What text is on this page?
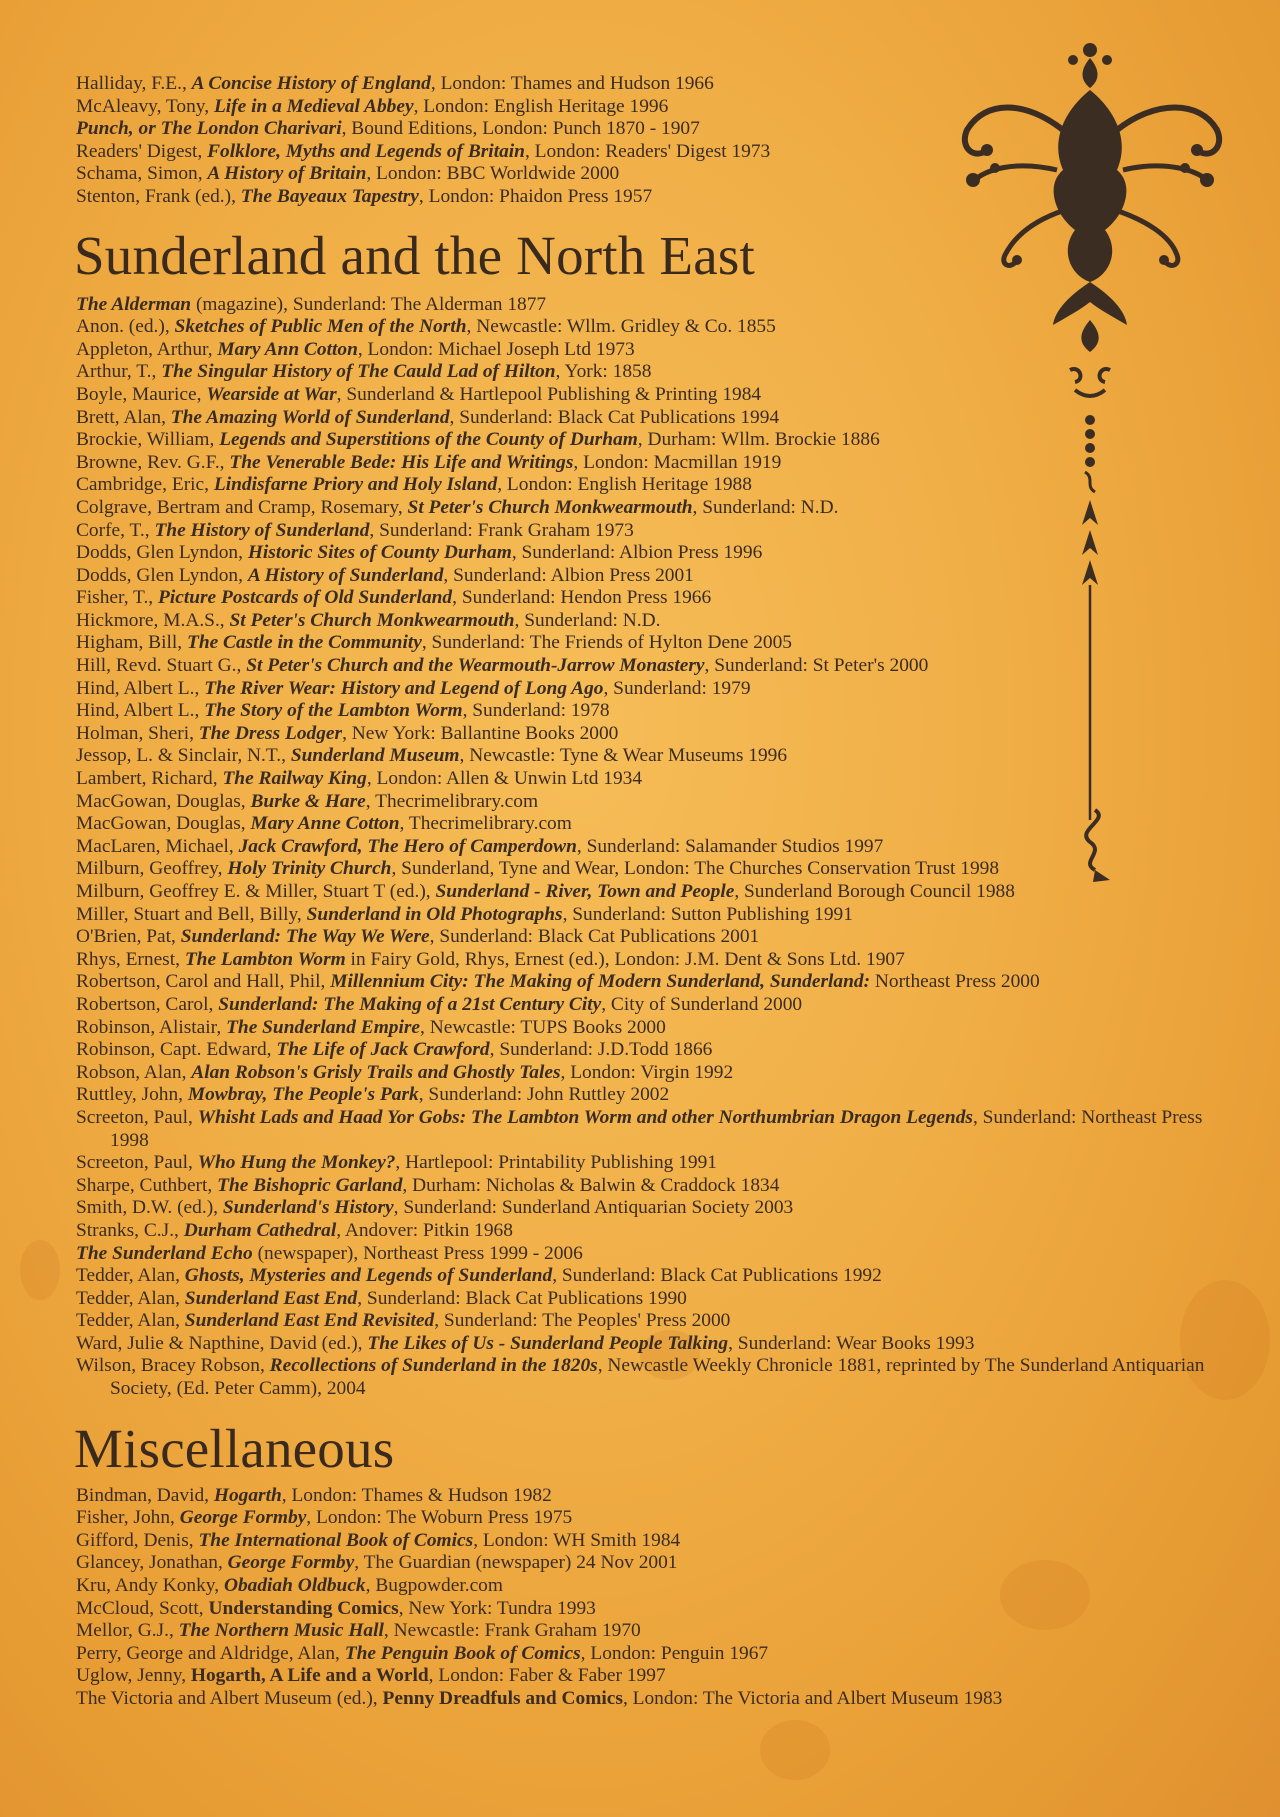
Halliday, F.E., A Concise History of England, London: Thames and Hudson 1966

McAleavy, Tony, Life in a Medieval Abbey, London: English Heritage 1996

Punch, or The London Charivari, Bound Editions, London: Punch 1870 - 1907

Readers' Digest, Folklore, Myths and Legends of Britain, London: Readers' Digest 1973

Schama, Simon, A History of Britain, London: BBC Worldwide 2000

Stenton, Frank (ed.), The Bayeaux Tapestry, London: Phaidon Press 1957

Sunderland and the North East

The Alderman (magazine), Sunderland: The Alderman 1877

Anon. (ed.), Sketches of Public Men of the North, Newcastle: Wllm. Gridley & Co. 1855

Appleton, Arthur, Mary Ann Cotton, London: Michael Joseph Ltd 1973

Arthur, T., The Singular History of The Cauld Lad of Hilton, York: 1858

Boyle, Maurice, Wearside at War, Sunderland & Hartlepool Publishing & Printing 1984

Brett, Alan, The Amazing World of Sunderland, Sunderland: Black Cat Publications 1994

Brockie, William, Legends and Superstitions of the County of Durham, Durham: Wllm. Brockie 1886

Browne, Rev. G.F., The Venerable Bede: His Life and Writings, London: Macmillan 1919

Cambridge, Eric, Lindisfarne Priory and Holy Island, London: English Heritage 1988

Colgrave, Bertram and Cramp, Rosemary, St Peter's Church Monkwearmouth, Sunderland: N.D.

Corfe, T., The History of Sunderland, Sunderland: Frank Graham 1973

Dodds, Glen Lyndon, Historic Sites of County Durham, Sunderland: Albion Press 1996

Dodds, Glen Lyndon, A History of Sunderland, Sunderland: Albion Press 2001

Fisher, T., Picture Postcards of Old Sunderland, Sunderland: Hendon Press 1966

Hickmore, M.A.S., St Peter's Church Monkwearmouth, Sunderland: N.D.

Higham, Bill, The Castle in the Community, Sunderland: The Friends of Hylton Dene 2005

Hill, Revd. Stuart G., St Peter's Church and the Wearmouth-Jarrow Monastery, Sunderland: St Peter's 2000

Hind, Albert L., The River Wear: History and Legend of Long Ago, Sunderland: 1979

Hind, Albert L., The Story of the Lambton Worm, Sunderland: 1978

Holman, Sheri, The Dress Lodger, New York: Ballantine Books 2000

Jessop, L. & Sinclair, N.T., Sunderland Museum, Newcastle: Tyne & Wear Museums 1996

Lambert, Richard, The Railway King, London: Allen & Unwin Ltd 1934

MacGowan, Douglas, Burke & Hare, Thecrimelibrary.com

MacGowan, Douglas, Mary Anne Cotton, Thecrimelibrary.com

MacLaren, Michael, Jack Crawford, The Hero of Camperdown, Sunderland: Salamander Studios 1997

Milburn, Geoffrey, Holy Trinity Church, Sunderland, Tyne and Wear, London: The Churches Conservation Trust 1998

Milburn, Geoffrey E. & Miller, Stuart T (ed.), Sunderland - River, Town and People, Sunderland Borough Council 1988

Miller, Stuart and Bell, Billy, Sunderland in Old Photographs, Sunderland: Sutton Publishing 1991

O'Brien, Pat, Sunderland: The Way We Were, Sunderland: Black Cat Publications 2001

Rhys, Ernest, The Lambton Worm in Fairy Gold, Rhys, Ernest (ed.), London: J.M. Dent & Sons Ltd. 1907

Robertson, Carol and Hall, Phil, Millennium City: The Making of Modern Sunderland, Sunderland: Northeast Press 2000

Robertson, Carol, Sunderland: The Making of a 21st Century City, City of Sunderland 2000

Robinson, Alistair, The Sunderland Empire, Newcastle: TUPS Books 2000

Robinson, Capt. Edward, The Life of Jack Crawford, Sunderland: J.D.Todd 1866

Robson, Alan, Alan Robson's Grisly Trails and Ghostly Tales, London: Virgin 1992

Ruttley, John, Mowbray, The People's Park, Sunderland: John Ruttley 2002

Screeton, Paul, Whisht Lads and Haad Yor Gobs: The Lambton Worm and other Northumbrian Dragon Legends, Sunderland: Northeast Press 1998

Screeton, Paul, Who Hung the Monkey?, Hartlepool: Printability Publishing 1991

Sharpe, Cuthbert, The Bishopric Garland, Durham: Nicholas & Balwin & Craddock 1834

Smith, D.W. (ed.), Sunderland's History, Sunderland: Sunderland Antiquarian Society 2003

Stranks, C.J., Durham Cathedral, Andover: Pitkin 1968

The Sunderland Echo (newspaper), Northeast Press 1999 - 2006

Tedder, Alan, Ghosts, Mysteries and Legends of Sunderland, Sunderland: Black Cat Publications 1992

Tedder, Alan, Sunderland East End, Sunderland: Black Cat Publications 1990

Tedder, Alan, Sunderland East End Revisited, Sunderland: The Peoples' Press 2000

Ward, Julie & Napthine, David (ed.), The Likes of Us - Sunderland People Talking, Sunderland: Wear Books 1993

Wilson, Bracey Robson, Recollections of Sunderland in the 1820s, Newcastle Weekly Chronicle 1881, reprinted by The Sunderland Antiquarian Society, (Ed. Peter Camm), 2004

Miscellaneous

Bindman, David, Hogarth, London: Thames & Hudson 1982

Fisher, John, George Formby, London: The Woburn Press 1975

Gifford, Denis, The International Book of Comics, London: WH Smith 1984

Glancey, Jonathan, George Formby, The Guardian (newspaper) 24 Nov 2001

Kru, Andy Konky, Obadiah Oldbuck, Bugpowder.com

McCloud, Scott, Understanding Comics, New York: Tundra 1993

Mellor, G.J., The Northern Music Hall, Newcastle: Frank Graham 1970

Perry, George and Aldridge, Alan, The Penguin Book of Comics, London: Penguin 1967

Uglow, Jenny, Hogarth, A Life and a World, London: Faber & Faber 1997

The Victoria and Albert Museum (ed.), Penny Dreadfuls and Comics, London: The Victoria and Albert Museum 1983
